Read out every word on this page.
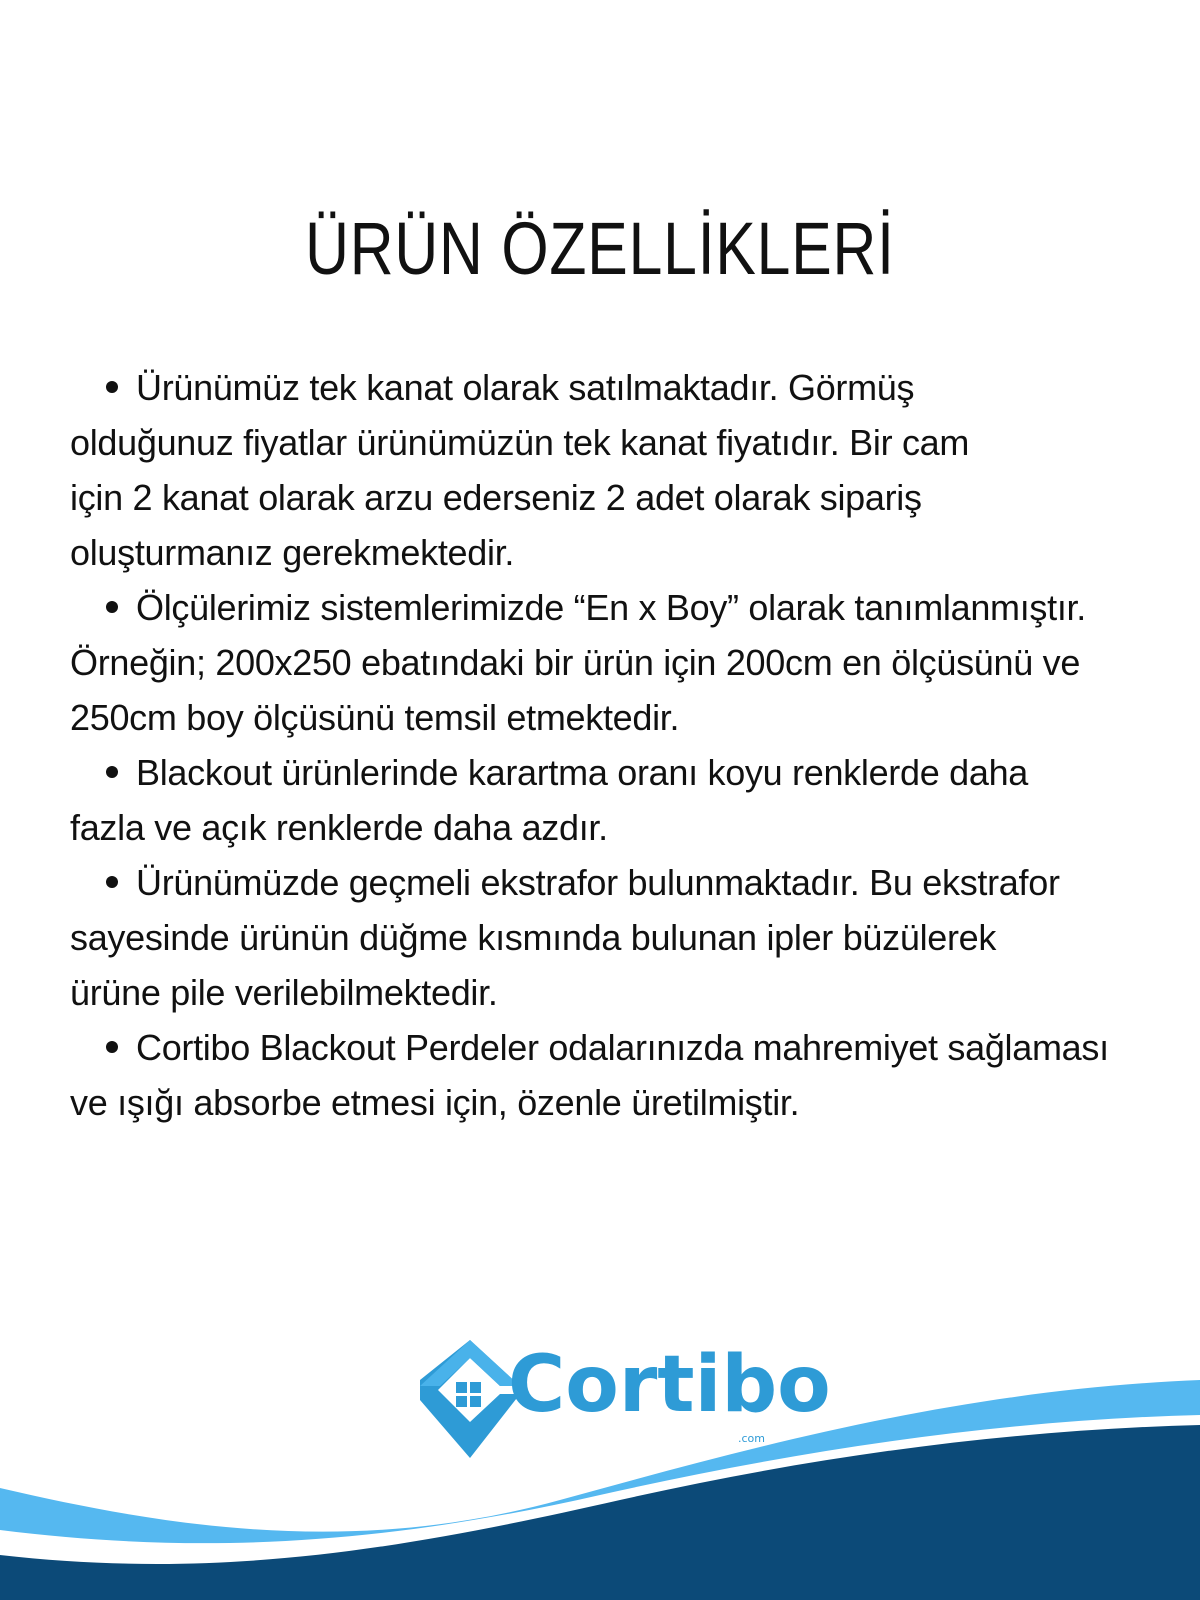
ÜRÜN ÖZELLİKLERİ

Ürünümüz tek kanat olarak satılmaktadır. Görmüş
olduğunuz fiyatlar ürünümüzün tek kanat fiyatıdır. Bir cam
için 2 kanat olarak arzu ederseniz 2 adet olarak sipariş
oluşturmanız gerekmektedir.

Ölçülerimiz sistemlerimizde “En x Boy” olarak tanımlanmıştır.
Örneğin; 200x250 ebatındaki bir ürün için 200cm en ölçüsünü ve
250cm boy ölçüsünü temsil etmektedir.

Blackout ürünlerinde karartma oranı koyu renklerde daha
fazla ve açık renklerde daha azdır.

Ürünümüzde geçmeli ekstrafor bulunmaktadır. Bu ekstrafor
sayesinde ürünün düğme kısmında bulunan ipler büzülerek
ürüne pile verilebilmektedir.

Cortibo Blackout Perdeler odalarınızda mahremiyet sağlaması
ve ışığı absorbe etmesi için, özenle üretilmiştir.

Cortibo
.com
